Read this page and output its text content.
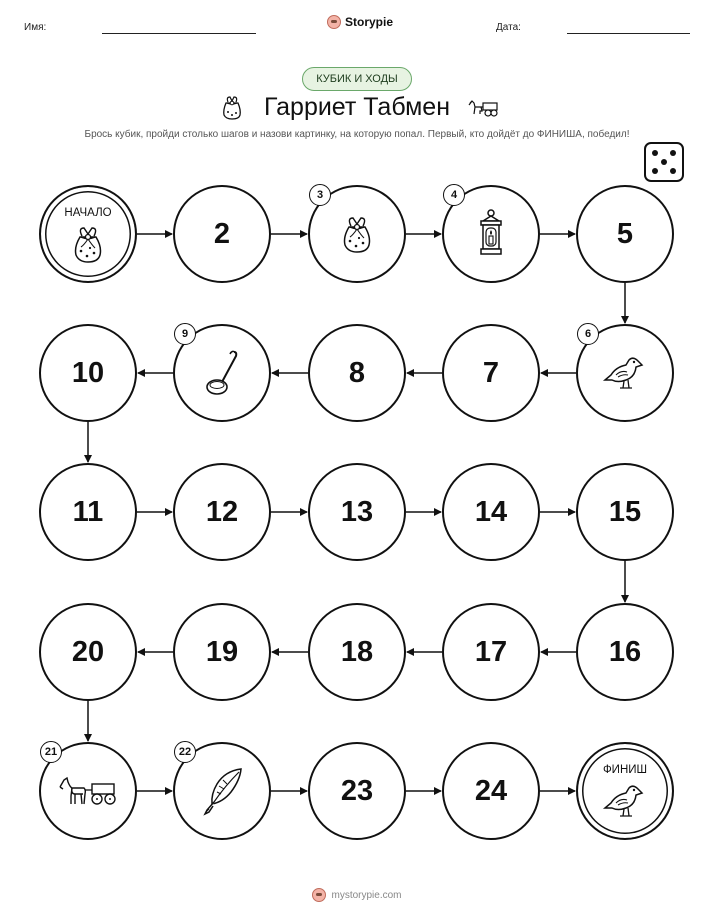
Имя:	Storypie	Дата:
КУБИК И ХОДЫ
Гарриет Табмен
Брось кубик, пройди столько шагов и назови картинку, на которую попал. Первый, кто дойдёт до ФИНИША, победил!
НАЧАЛО
2
3	4
5
6
7
8
9
10
11	12	13	14	15
16
17
18
19
20
21	22
23	24
ФИНИШ
mystorypie.com
